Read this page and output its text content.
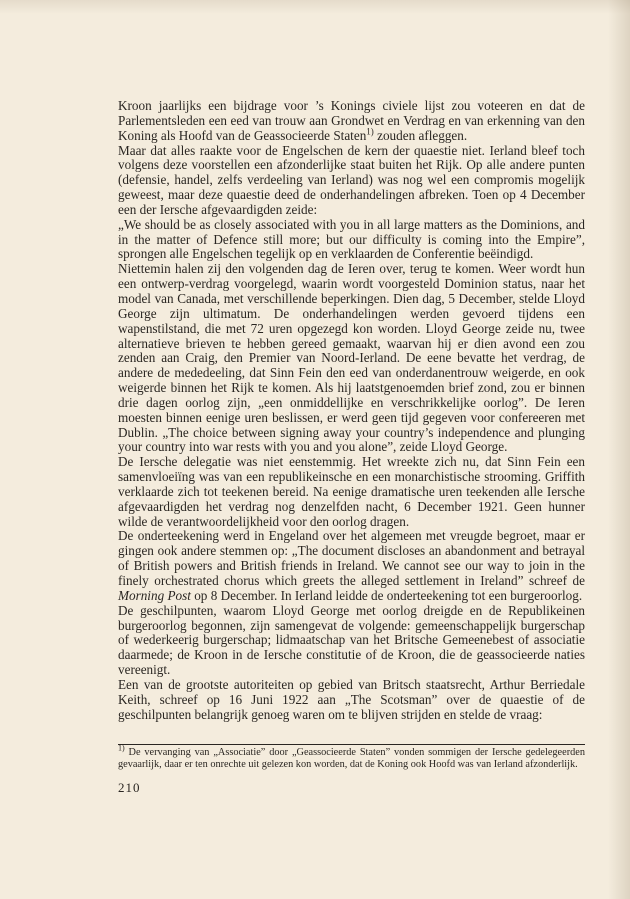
Kroon jaarlijks een bijdrage voor ’s Konings civiele lijst zou voteeren en dat de Parlementsleden een eed van trouw aan Grondwet en Verdrag en van erkenning van den Koning als Hoofd van de Geassocieerde Staten$^{1)}$ zouden afleggen.

Maar dat alles raakte voor de Engelschen de kern der quaestie niet. Ierland bleef toch volgens deze voorstellen een afzonderlijke staat buiten het Rijk. Op alle andere punten (defensie, handel, zelfs verdeeling van Ierland) was nog wel een compromis mogelijk geweest, maar deze quaestie deed de onderhandelingen afbreken. Toen op 4 December een der Iersche afgevaardigden zeide:

„We should be as closely associated with you in all large matters as the Dominions, and in the matter of Defence still more; but our difficulty is coming into the Empire”, sprongen alle Engelschen tegelijk op en verklaarden de Conferentie beëindigd.

Niettemin halen zij den volgenden dag de Ieren over, terug te komen. Weer wordt hun een ontwerp-verdrag voorgelegd, waarin wordt voorgesteld Dominion status, naar het model van Canada, met verschillende beperkingen. Dien dag, 5 December, stelde Lloyd George zijn ultimatum. De onderhandelingen werden gevoerd tijdens een wapenstilstand, die met 72 uren opgezegd kon worden. Lloyd George zeide nu, twee alternatieve brieven te hebben gereed gemaakt, waarvan hij er dien avond een zou zenden aan Craig, den Premier van Noord-Ierland. De eene bevatte het verdrag, de andere de mededeeling, dat Sinn Fein den eed van onderdanentrouw weigerde, en ook weigerde binnen het Rijk te komen. Als hij laatstgenoemden brief zond, zou er binnen drie dagen oorlog zijn, „een onmiddellijke en verschrikkelijke oorlog”. De Ieren moesten binnen eenige uren beslissen, er werd geen tijd gegeven voor confereeren met Dublin. „The choice between signing away your country’s independence and plunging your country into war rests with you and you alone”, zeide Lloyd George.

De Iersche delegatie was niet eenstemmig. Het wreekte zich nu, dat Sinn Fein een samenvloeiïng was van een republikeinsche en een monarchistische strooming. Griffith verklaarde zich tot teekenen bereid. Na eenige dramatische uren teekenden alle Iersche afgevaardigden het verdrag nog denzelfden nacht, 6 December 1921. Geen hunner wilde de verantwoordelijkheid voor den oorlog dragen.

De onderteekening werd in Engeland over het algemeen met vreugde begroet, maar er gingen ook andere stemmen op: „The document discloses an abandonment and betrayal of British powers and British friends in Ireland. We cannot see our way to join in the finely orchestrated chorus which greets the alleged settlement in Ireland” schreef de Morning Post op 8 December. In Ierland leidde de onderteekening tot een burgeroorlog.

De geschilpunten, waarom Lloyd George met oorlog dreigde en de Republikeinen burgeroorlog begonnen, zijn samengevat de volgende: gemeenschappelijk burgerschap of wederkeerig burgerschap; lidmaatschap van het Britsche Gemeenebest of associatie daarmede; de Kroon in de Iersche constitutie of de Kroon, die de geassocieerde naties vereenigt.

Een van de grootste autoriteiten op gebied van Britsch staatsrecht, Arthur Berriedale Keith, schreef op 16 Juni 1922 aan „The Scotsman” over de quaestie of de geschilpunten belangrijk genoeg waren om te blijven strijden en stelde de vraag:

$^{1)}$ De vervanging van „Associatie” door „Geassocieerde Staten” vonden sommigen der Iersche gedelegeerden gevaarlijk, daar er ten onrechte uit gelezen kon worden, dat de Koning ook Hoofd was van Ierland afzonderlijk.
210
